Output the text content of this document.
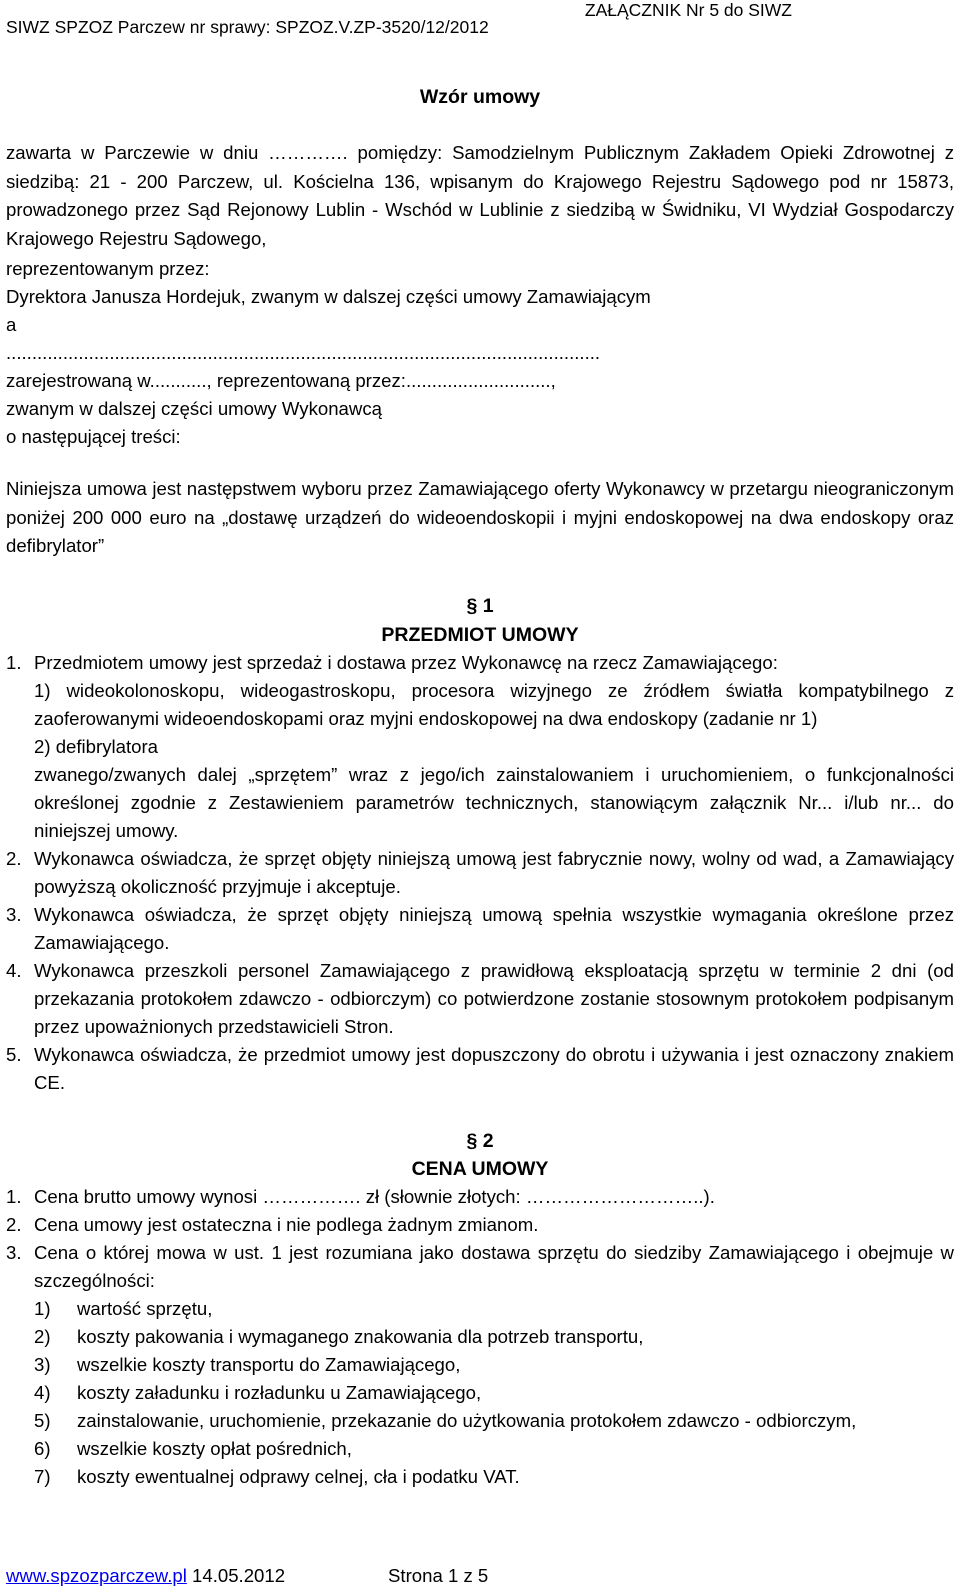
SIWZ SPZOZ Parczew nr sprawy: SPZOZ.V.ZP-3520/12/2012
ZAŁĄCZNIK Nr 5 do SIWZ
Wzór umowy
zawarta w Parczewie w dniu …………. pomiędzy: Samodzielnym Publicznym Zakładem Opieki Zdrowotnej z siedzibą: 21 - 200 Parczew, ul. Kościelna 136, wpisanym do Krajowego Rejestru Sądowego pod nr 15873, prowadzonego przez Sąd Rejonowy Lublin - Wschód w Lublinie z siedzibą w Świdniku, VI Wydział Gospodarczy Krajowego Rejestru Sądowego,
reprezentowanym przez:
Dyrektora Janusza Hordejuk, zwanym w dalszej części umowy Zamawiającym
a
...................................................................................................................
zarejestrowaną w..........., reprezentowaną przez:............................,
zwanym w dalszej części umowy Wykonawcą
o następującej treści:
Niniejsza umowa jest następstwem wyboru przez Zamawiającego oferty Wykonawcy w przetargu nieograniczonym poniżej 200 000 euro na „dostawę urządzeń do wideoendoskopii i myjni endoskopowej na dwa endoskopy oraz defibrylator”
§ 1
PRZEDMIOT UMOWY
1. Przedmiotem umowy jest sprzedaż i dostawa przez Wykonawcę na rzecz Zamawiającego:
1) wideokolonoskopu, wideogastroskopu, procesora wizyjnego ze źródłem światła kompatybilnego z zaoferowanymi wideoendoskopami oraz myjni endoskopowej na dwa endoskopy (zadanie nr 1)
2) defibrylatora
zwanego/zwanych dalej „sprzętem” wraz z jego/ich zainstalowaniem i uruchomieniem, o funkcjonalności określonej zgodnie z Zestawieniem parametrów technicznych, stanowiącym załącznik Nr... i/lub nr... do niniejszej umowy.
2. Wykonawca oświadcza, że sprzęt objęty niniejszą umową jest fabrycznie nowy, wolny od wad, a Zamawiający powyższą okoliczność przyjmuje i akceptuje.
3. Wykonawca oświadcza, że sprzęt objęty niniejszą umową spełnia wszystkie wymagania określone przez Zamawiającego.
4. Wykonawca przeszkoli personel Zamawiającego z prawidłową eksploatacją sprzętu w terminie 2 dni (od przekazania protokołem zdawczo - odbiorczym) co potwierdzone zostanie stosownym protokołem podpisanym przez upoważnionych przedstawicieli Stron.
5. Wykonawca oświadcza, że przedmiot umowy jest dopuszczony do obrotu i używania i jest oznaczony znakiem CE.
§ 2
CENA UMOWY
1. Cena brutto umowy wynosi ……………. zł (słownie złotych: ………………………..).
2. Cena umowy jest ostateczna i nie podlega żadnym zmianom.
3. Cena o której mowa w ust. 1 jest rozumiana jako dostawa sprzętu do siedziby Zamawiającego i obejmuje w szczególności:
1) wartość sprzętu,
2) koszty pakowania i wymaganego znakowania dla potrzeb transportu,
3) wszelkie koszty transportu do Zamawiającego,
4) koszty załadunku i rozładunku u Zamawiającego,
5) zainstalowanie, uruchomienie, przekazanie do użytkowania protokołem zdawczo - odbiorczym,
6) wszelkie koszty opłat pośrednich,
7) koszty ewentualnej odprawy celnej, cła i podatku VAT.
www.spzozparczew.pl 14.05.2012	Strona 1 z 5
